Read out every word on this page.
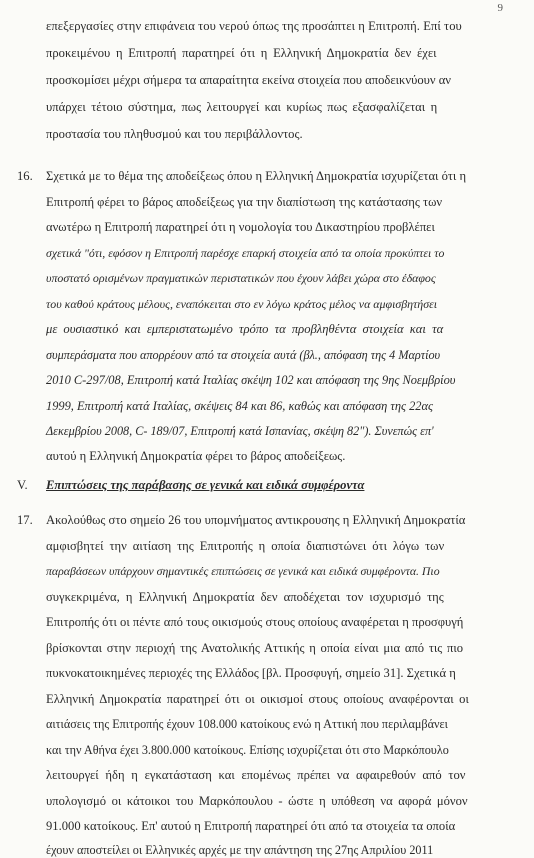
9
επεξεργασίες στην επιφάνεια του νερού όπως της προσάπτει η Επιτροπή. Επί του
προκειμένου η Επιτροπή παρατηρεί ότι η Ελληνική Δημοκρατία δεν έχει
προσκομίσει μέχρι σήμερα τα απαραίτητα εκείνα στοιχεία που αποδεικνύουν αν
υπάρχει τέτοιο σύστημα, πως λειτουργεί και κυρίως πως εξασφαλίζεται η
προστασία του πληθυσμού και του περιβάλλοντος.
16. Σχετικά με το θέμα της αποδείξεως όπου η Ελληνική Δημοκρατία ισχυρίζεται ότι η
Επιτροπή φέρει το βάρος αποδείξεως για την διαπίστωση της κατάστασης των
ανωτέρω η Επιτροπή παρατηρεί ότι η νομολογία του Δικαστηρίου προβλέπει
σχετικά "ότι, εφόσον η Επιτροπή παρέσχε επαρκή στοιχεία από τα οποία προκύπτει το
υποστατό ορισμένων πραγματικών περιστατικών που έχουν λάβει χώρα στο έδαφος
του καθού κράτους μέλους, εναπόκειται στο εν λόγω κράτος μέλος να αμφισβητήσει
με ουσιαστικό και εμπεριστατωμένο τρόπο τα προβληθέντα στοιχεία και τα
συμπεράσματα που απορρέουν από τα στοιχεία αυτά (βλ., απόφαση της 4 Μαρτίου
2010 C-297/08, Επιτροπή κατά Ιταλίας σκέψη 102 και απόφαση της 9ης Νοεμβρίου
1999, Επιτροπή κατά Ιταλίας, σκέψεις 84 και 86, καθώς και απόφαση της 22ας
Δεκεμβρίου 2008, C- 189/07, Επιτροπή κατά Ισπανίας, σκέψη 82"). Συνεπώς επ'
αυτού η Ελληνική Δημοκρατία φέρει το βάρος αποδείξεως.
V. Επιπτώσεις της παράβασης σε γενικά και ειδικά συμφέροντα
17. Ακολούθως στο σημείο 26 του υπομνήματος αντικρουσης η Ελληνική Δημοκρατία
αμφισβητεί την αιτίαση της Επιτροπής η οποία διαπιστώνει ότι λόγω των
παραβάσεων υπάρχουν σημαντικές επιπτώσεις σε γενικά και ειδικά συμφέροντα. Πιο
συγκεκριμένα, η Ελληνική Δημοκρατία δεν αποδέχεται τον ισχυρισμό της
Επιτροπής ότι οι πέντε από τους οικισμούς στους οποίους αναφέρεται η προσφυγή
βρίσκονται στην περιοχή της Ανατολικής Αττικής η οποία είναι μια από τις πιο
πυκνοκατοικημένες περιοχές της Ελλάδος [βλ. Προσφυγή, σημείο 31]. Σχετικά η
Ελληνική Δημοκρατία παρατηρεί ότι οι οικισμοί στους οποίους αναφέρονται οι
αιτιάσεις της Επιτροπής έχουν 108.000 κατοίκους ενώ η Αττική που περιλαμβάνει
και την Αθήνα έχει 3.800.000 κατοίκους. Επίσης ισχυρίζεται ότι στο Μαρκόπουλο
λειτουργεί ήδη η εγκατάσταση και επομένως πρέπει να αφαιρεθούν από τον
υπολογισμό οι κάτοικοι του Μαρκόπουλου - ώστε η υπόθεση να αφορά μόνον
91.000 κατοίκους. Επ' αυτού η Επιτροπή παρατηρεί ότι από τα στοιχεία τα οποία
έχουν αποστείλει οι Ελληνικές αρχές με την απάντηση της 27ης Απριλίου 2011
